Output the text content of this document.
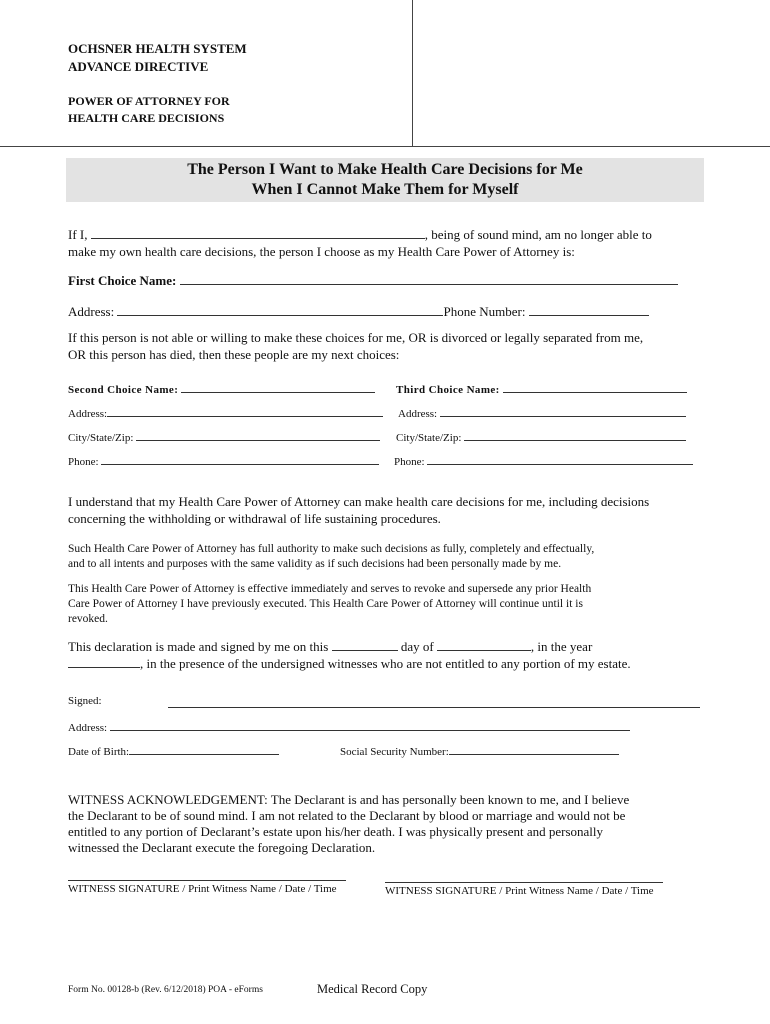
OCHSNER HEALTH SYSTEM
ADVANCE DIRECTIVE
POWER OF ATTORNEY FOR
HEALTH CARE DECISIONS
The Person I Want to Make Health Care Decisions for Me
When I Cannot Make Them for Myself
If I,	, being of sound mind, am no longer able to
make my own health care decisions, the person I choose as my Health Care Power of Attorney is:
First Choice Name:
Address:	Phone Number:
If this person is not able or willing to make these choices for me, OR is divorced or legally separated from me,
OR this person has died, then these people are my next choices:
Second Choice Name:	Third Choice Name:
Address:	Address:
City/State/Zip:	City/State/Zip:
Phone:	Phone:
I understand that my Health Care Power of Attorney can make health care decisions for me, including decisions
concerning the withholding or withdrawal of life sustaining procedures.
Such Health Care Power of Attorney has full authority to make such decisions as fully, completely and effectually,
and to all intents and purposes with the same validity as if such decisions had been personally made by me.
This Health Care Power of Attorney is effective immediately and serves to revoke and supersede any prior Health
Care Power of Attorney I have previously executed. This Health Care Power of Attorney will continue until it is
revoked.
This declaration is made and signed by me on this	day of	, in the year
, in the presence of the undersigned witnesses who are not entitled to any portion of my estate.
Signed:
Address:
Date of Birth:	Social Security Number:
WITNESS ACKNOWLEDGEMENT: The Declarant is and has personally been known to me, and I believe
the Declarant to be of sound mind. I am not related to the Declarant by blood or marriage and would not be
entitled to any portion of Declarant’s estate upon his/her death. I was physically present and personally
witnessed the Declarant execute the foregoing Declaration.
WITNESS SIGNATURE / Print Witness Name / Date / Time	WITNESS SIGNATURE / Print Witness Name / Date / Time
Form No. 00128-b (Rev. 6/12/2018) POA - eForms	Medical Record Copy
